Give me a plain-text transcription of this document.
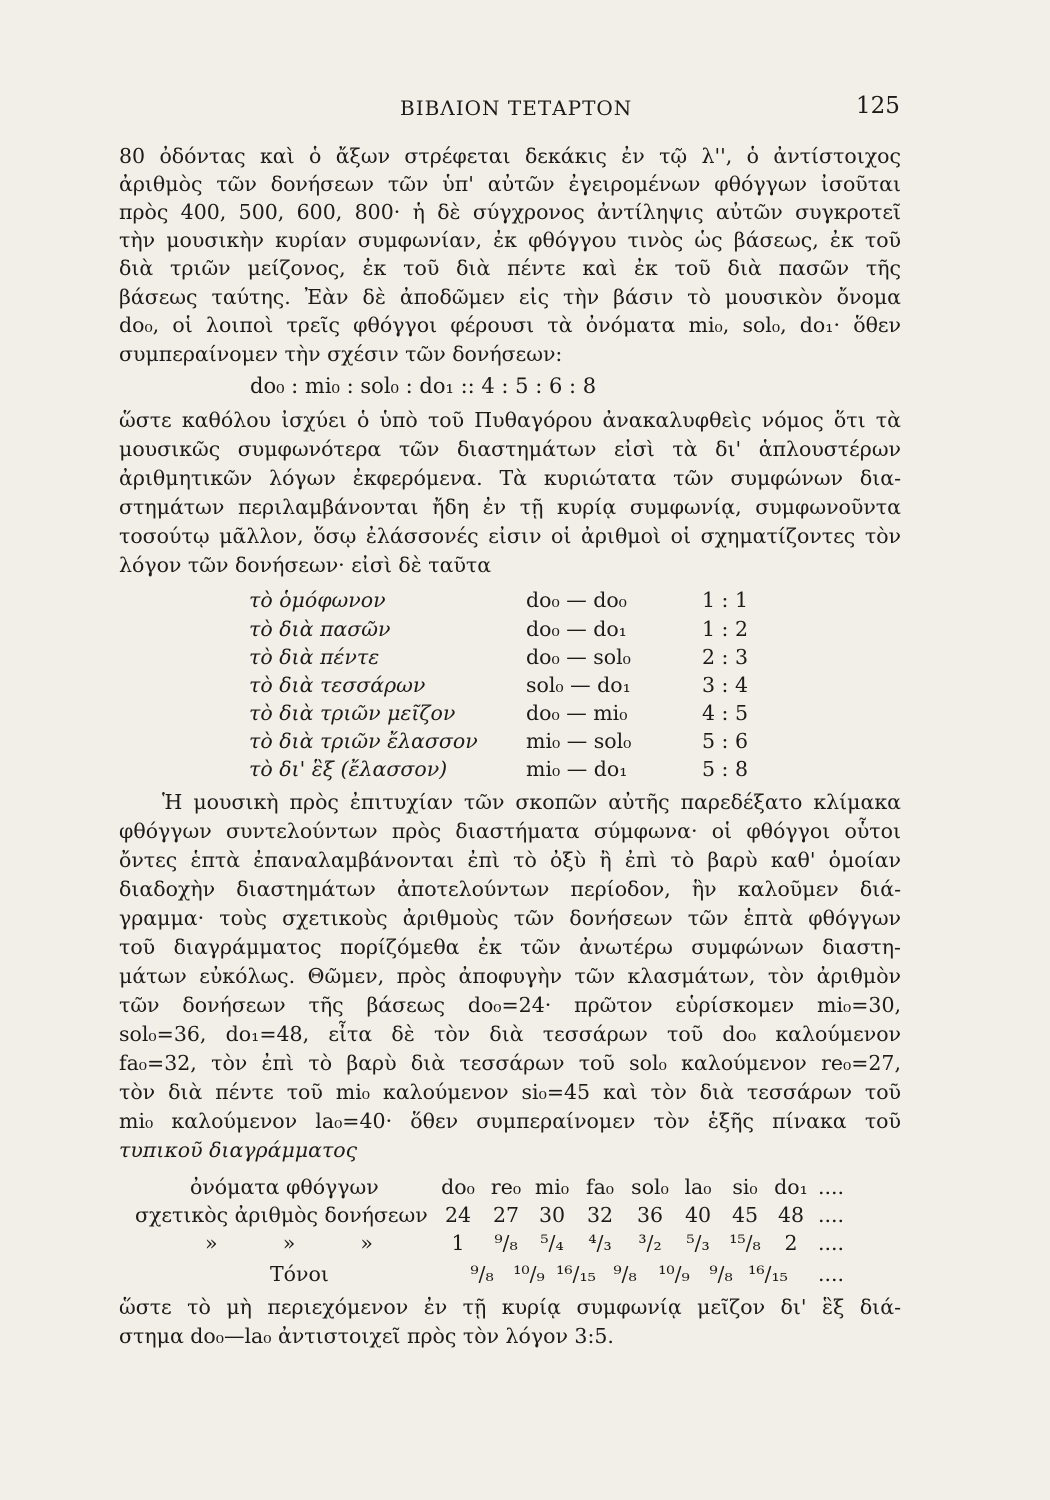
ΒΙΒΛΙΟΝ ΤΕΤΑΡΤΟΝ	125
80 ὀδόντας καὶ ὁ ἄξων στρέφεται δεκάκις ἐν τῷ λ'', ὁ ἀντίστοιχος
ἀριθμὸς τῶν δονήσεων τῶν ὑπ' αὐτῶν ἐγειρομένων φθόγγων ἰσοῦται
πρὸς 400, 500, 600, 800· ἡ δὲ σύγχρονος ἀντίληψις αὐτῶν συγκροτεῖ
τὴν μουσικὴν κυρίαν συμφωνίαν, ἐκ φθόγγου τινὸς ὡς βάσεως, ἐκ τοῦ
διὰ τριῶν μείζονος, ἐκ τοῦ διὰ πέντε καὶ ἐκ τοῦ διὰ πασῶν τῆς
βάσεως ταύτης. Ἐὰν δὲ ἀποδῶμεν εἰς τὴν βάσιν τὸ μουσικὸν ὄνομα
do₀, οἱ λοιποὶ τρεῖς φθόγγοι φέρουσι τὰ ὀνόματα mi₀, sol₀, do₁· ὅθεν
συμπεραίνομεν τὴν σχέσιν τῶν δονήσεων:
do₀ : mi₀ : sol₀ : do₁ :: 4 : 5 : 6 : 8
ὥστε καθόλου ἰσχύει ὁ ὑπὸ τοῦ Πυθαγόρου ἀνακαλυφθεὶς νόμος ὅτι τὰ
μουσικῶς συμφωνότερα τῶν διαστημάτων εἰσὶ τὰ δι' ἁπλουστέρων
ἀριθμητικῶν λόγων ἐκφερόμενα. Τὰ κυριώτατα τῶν συμφώνων δια-
στημάτων περιλαμβάνονται ἤδη ἐν τῇ κυρίᾳ συμφωνίᾳ, συμφωνοῦντα
τοσούτῳ μᾶλλον, ὅσῳ ἐλάσσονές εἰσιν οἱ ἀριθμοὶ οἱ σχηματίζοντες τὸν
λόγον τῶν δονήσεων· εἰσὶ δὲ ταῦτα
τὸ ὁμόφωνον	do₀ — do₀	1 : 1
τὸ διὰ πασῶν	do₀ — do₁	1 : 2
τὸ διὰ πέντε	do₀ — sol₀	2 : 3
τὸ διὰ τεσσάρων	sol₀ — do₁	3 : 4
τὸ διὰ τριῶν μεῖζον	do₀ — mi₀	4 : 5
τὸ διὰ τριῶν ἔλασσον mi₀ — sol₀	5 : 6
τὸ δι' ἓξ (ἔλασσον)	mi₀ — do₁	5 : 8
Ἡ μουσικὴ πρὸς ἐπιτυχίαν τῶν σκοπῶν αὐτῆς παρεδέξατο κλίμακα
φθόγγων συντελούντων πρὸς διαστήματα σύμφωνα· οἱ φθόγγοι οὗτοι
ὄντες ἑπτὰ ἐπαναλαμβάνονται ἐπὶ τὸ ὀξὺ ἢ ἐπὶ τὸ βαρὺ καθ' ὁμοίαν
διαδοχὴν διαστημάτων ἀποτελούντων περίοδον, ἣν καλοῦμεν διά-
γραμμα· τοὺς σχετικοὺς ἀριθμοὺς τῶν δονήσεων τῶν ἑπτὰ φθόγγων
τοῦ διαγράμματος πορίζόμεθα ἐκ τῶν ἀνωτέρω συμφώνων διαστη-
μάτων εὐκόλως. Θῶμεν, πρὸς ἀποφυγὴν τῶν κλασμάτων, τὸν ἀριθμὸν
τῶν δονήσεων τῆς βάσεως do₀=24· πρῶτον εὑρίσκομεν mi₀=30,
sol₀=36, do₁=48, εἶτα δὲ τὸν διὰ τεσσάρων τοῦ do₀ καλούμενον
fa₀=32, τὸν ἐπὶ τὸ βαρὺ διὰ τεσσάρων τοῦ sol₀ καλούμενον re₀=27,
τὸν διὰ πέντε τοῦ mi₀ καλούμενον si₀=45 καὶ τὸν διὰ τεσσάρων τοῦ
mi₀ καλούμενον la₀=40· ὅθεν συμπεραίνομεν τὸν ἑξῆς πίνακα τοῦ
τυπικοῦ διαγράμματος
ὀνόματα φθόγγων	do₀ re₀ mi₀ fa₀ sol₀ la₀	si₀ do₁ ....
σχετικὸς ἀριθμὸς δονήσεων 24	27 30	32	36	40	45 48 ....
»          »          »	1	⁹/₈	⁵/₄	⁴/₃	³/₂	⁵/₃ ¹⁵/₈	2 ....
Τόνοι	⁹/₈ ¹⁰/₉ ¹⁶/₁₅ ⁹/₈	¹⁰/₉ ⁹/₈ ¹⁶/₁₅ ....
ὥστε τὸ μὴ περιεχόμενον ἐν τῇ κυρίᾳ συμφωνίᾳ μεῖζον δι' ἓξ διά-
στημα do₀—la₀ ἀντιστοιχεῖ πρὸς τὸν λόγον 3:5.
